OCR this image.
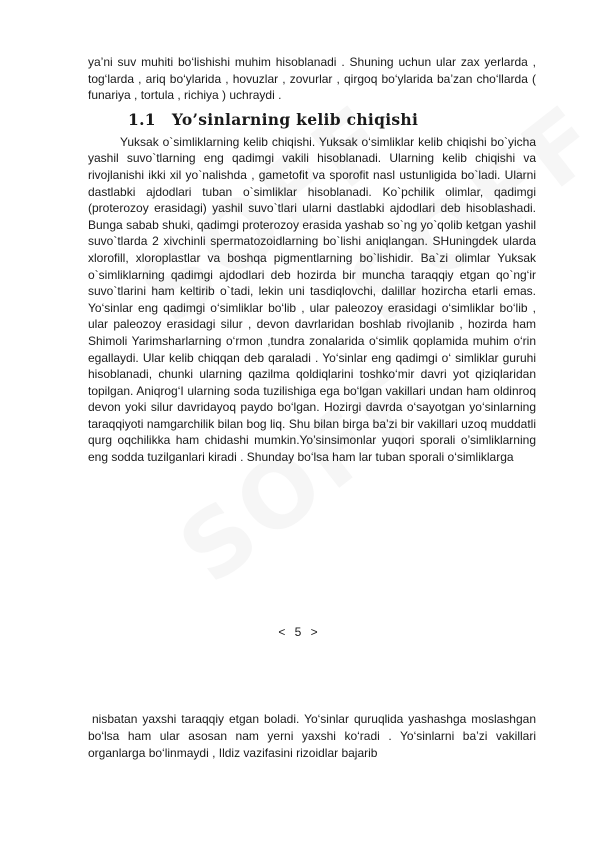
ya’ni suv muhiti bo‘lishishi muhim hisoblanadi . Shuning uchun ular zax yerlarda , tog‘larda , ariq bo‘ylarida , hovuzlar , zovurlar , qirgoq bo‘ylarida ba’zan cho‘llarda ( funariya , tortula , richiya ) uchraydi .

1.1 Yo’sinlarning kelib chiqishi

Yuksak o`simliklarning kelib chiqishi. Yuksak o‘simliklar kelib chiqishi bo`yicha yashil suvo`tlarning eng qadimgi vakili hisoblanadi. Ularning kelib chiqishi va rivojlanishi ikki xil yo`nalishda , gametofit va sporofit nasl ustunligida bo`ladi. Ularni dastlabki ajdodlari tuban o`simliklar hisoblanadi. Ko`pchilik olimlar, qadimgi (proterozoy erasidagi) yashil suvo`tlari ularni dastlabki ajdodlari deb hisoblashadi. Bunga sabab shuki, qadimgi proterozoy erasida yashab so`ng yo`qolib ketgan yashil suvo`tlarda 2 xivchinli spermatozoidlarning bo`lishi aniqlangan. SHuningdek ularda xlorofill, xloroplastlar va boshqa pigmentlarning bo`lishidir. Ba`zi olimlar Yuksak o`simliklarning qadimgi ajdodlari deb hozirda bir muncha taraqqiy etgan qo`ng‘ir suvo`tlarini ham keltirib o`tadi, lekin uni tasdiqlovchi, dalillar hozircha etarli emas. Yo‘sinlar eng qadimgi o‘simliklar bo‘lib , ular paleozoy erasidagi o‘simliklar bo‘lib , ular paleozoy erasidagi silur , devon davrlaridan boshlab rivojlanib , hozirda ham Shimoli Yarimsharlarning o‘rmon ,tundra zonalarida o‘simlik qoplamida muhim o‘rin egallaydi. Ular kelib chiqqan deb qaraladi . Yo‘sinlar eng qadimgi o‘ simliklar guruhi hisoblanadi, chunki ularning qazilma qoldiqlarini toshko‘mir davri yot qiziqlaridan topilgan. Aniqrog‘I ularning soda tuzilishiga ega bo‘lgan vakillari undan ham oldinroq devon yoki silur davridayoq paydo bo‘lgan. Hozirgi davrda o‘sayotgan yo‘sinlarning taraqqiyoti namgarchilik bilan bog liq. Shu bilan birga ba’zi bir vakillari uzoq muddatli qurg oqchilikka ham chidashi mumkin.Yo’sinsimonlar yuqori sporali o’simliklarning eng sodda tuzilganlari kiradi . Shunday bo‘lsa ham lar tuban sporali o‘simliklarga

< 5 >

nisbatan yaxshi taraqqiy etgan boladi. Yo‘sinlar quruqlida yashashga moslashgan bo‘lsa ham ular asosan nam yerni yaxshi ko‘radi . Yo‘sinlarni ba’zi vakillari organlarga bo‘linmaydi , Ildiz vazifasini rizoidlar bajarib
